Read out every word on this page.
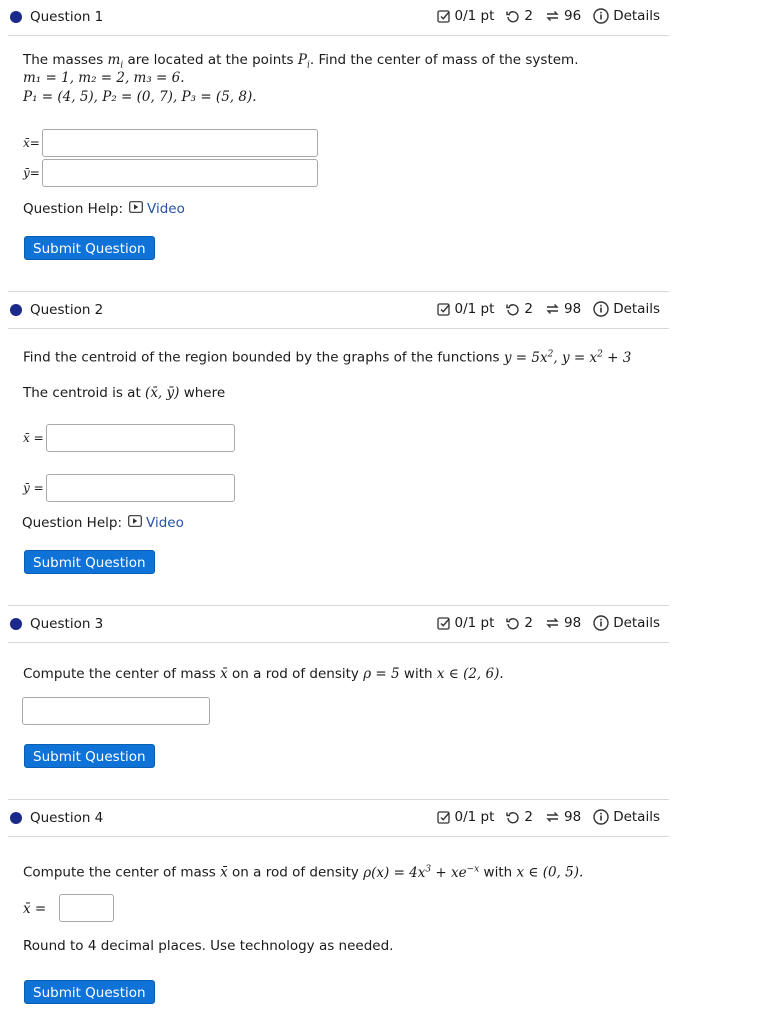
Question 1	0/1 pt 2 96 Details
The masses $m_i$ are located at the points $P_i$. Find the center of mass of the system.
m₁ = 1, m₂ = 2, m₃ = 6.
P₁ = (4, 5), P₂ = (0, 7), P₃ = (5, 8).
x̄=
ȳ=
Question Help: Video
Submit Question
Question 2	0/1 pt 2 98 Details
Find the centroid of the region bounded by the graphs of the functions $y = 5x^2$, $y = x^2 + 3$
The centroid is at (x̄, ȳ) where
x̄ =
ȳ =
Question Help: Video
Submit Question
Question 3	0/1 pt 2 98 Details
Compute the center of mass x̄ on a rod of density ρ = 5 with x ∈ (2, 6).
Submit Question
Question 4	0/1 pt 2 98 Details
Compute the center of mass x̄ on a rod of density $\rho(x) = 4x^3 + xe^{-x}$ with x ∈ (0, 5).
x̄ =
Round to 4 decimal places. Use technology as needed.
Submit Question
